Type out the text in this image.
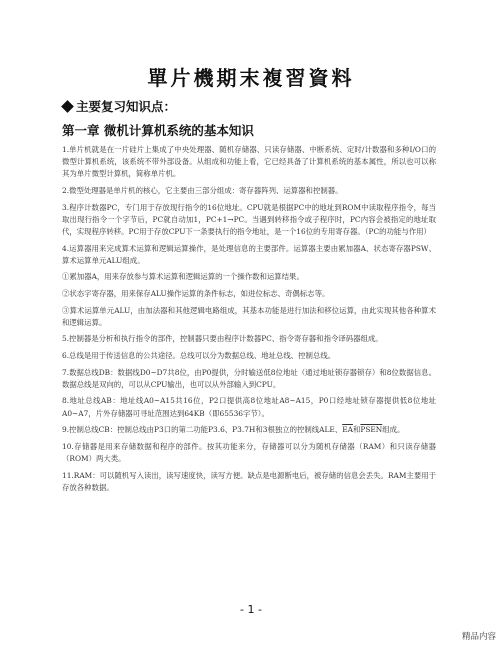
單片機期末複習資料
主要复习知识点：
第一章 微机计算机系统的基本知识

1.单片机就是在一片硅片上集成了中央处理器、随机存储器、只读存储器、中断系统、定时/计数器和多种I/O口的微型计算机系统，该系统不带外部设备。从组成和功能上看，它已经具备了计算机系统的基本属性，所以也可以称其为单片微型计算机，简称单片机。

2.微型处理器是单片机的核心，它主要由三部分组成：寄存器阵列、运算器和控制器。

3.程序计数器PC，专门用于存放现行指令的16位地址。CPU就是根据PC中的地址到ROM中读取程序指令，每当取出现行指令一个字节后，PC就自动加1，PC+1→PC。当遇到转移指令或子程序时，PC内容会被指定的地址取代，实现程序转移。PC用于存放CPU下一条要执行的指令地址，是一个16位的专用寄存器。（PC的功能与作用）

4.运算器用来完成算术运算和逻辑运算操作，是处理信息的主要部件。运算器主要由累加器A、状态寄存器PSW、算术运算单元ALU组成。

①累加器A，用来存放参与算术运算和逻辑运算的一个操作数和运算结果。

②状态字寄存器，用来保存ALU操作运算的条件标志，如进位标志、奇偶标志等。

③算术运算单元ALU，由加法器和其他逻辑电路组成，其基本功能是进行加法和移位运算，由此实现其他各种算术和逻辑运算。

5.控制器是分析和执行指令的部件，控制器只要由程序计数器PC、指令寄存器和指令译码器组成。

6.总线是用于传送信息的公共途径。总线可以分为数据总线、地址总线、控制总线。

7.数据总线DB：数据线D0~D7共8位，由P0提供，分时输送低8位地址（通过地址锁存器锁存）和8位数据信息。数据总线是双向的，可以从CPU输出，也可以从外部输入到CPU。

8.地址总线AB：地址线A0~A15共16位，P2口提供高8位地址A8~A15，P0口经地址锁存器提供低8位地址A0~A7，片外存储器可寻址范围达到64KB（即65536字节）。

9.控制总线CB：控制总线由P3口的第二功能P3.6、P3.7H和3根独立的控制线ALE、$\overline{EA}$和PSEN组成。

10.存储器是用来存储数据和程序的部件。按其功能来分，存储器可以分为随机存储器（RAM）和只读存储器（ROM）两大类。

11.RAM：可以随机写入读出，读写速度快，读写方便。缺点是电源断电后，被存储的信息会丢失。RAM主要用于存放各种数据。

- 1 -
精品内容
